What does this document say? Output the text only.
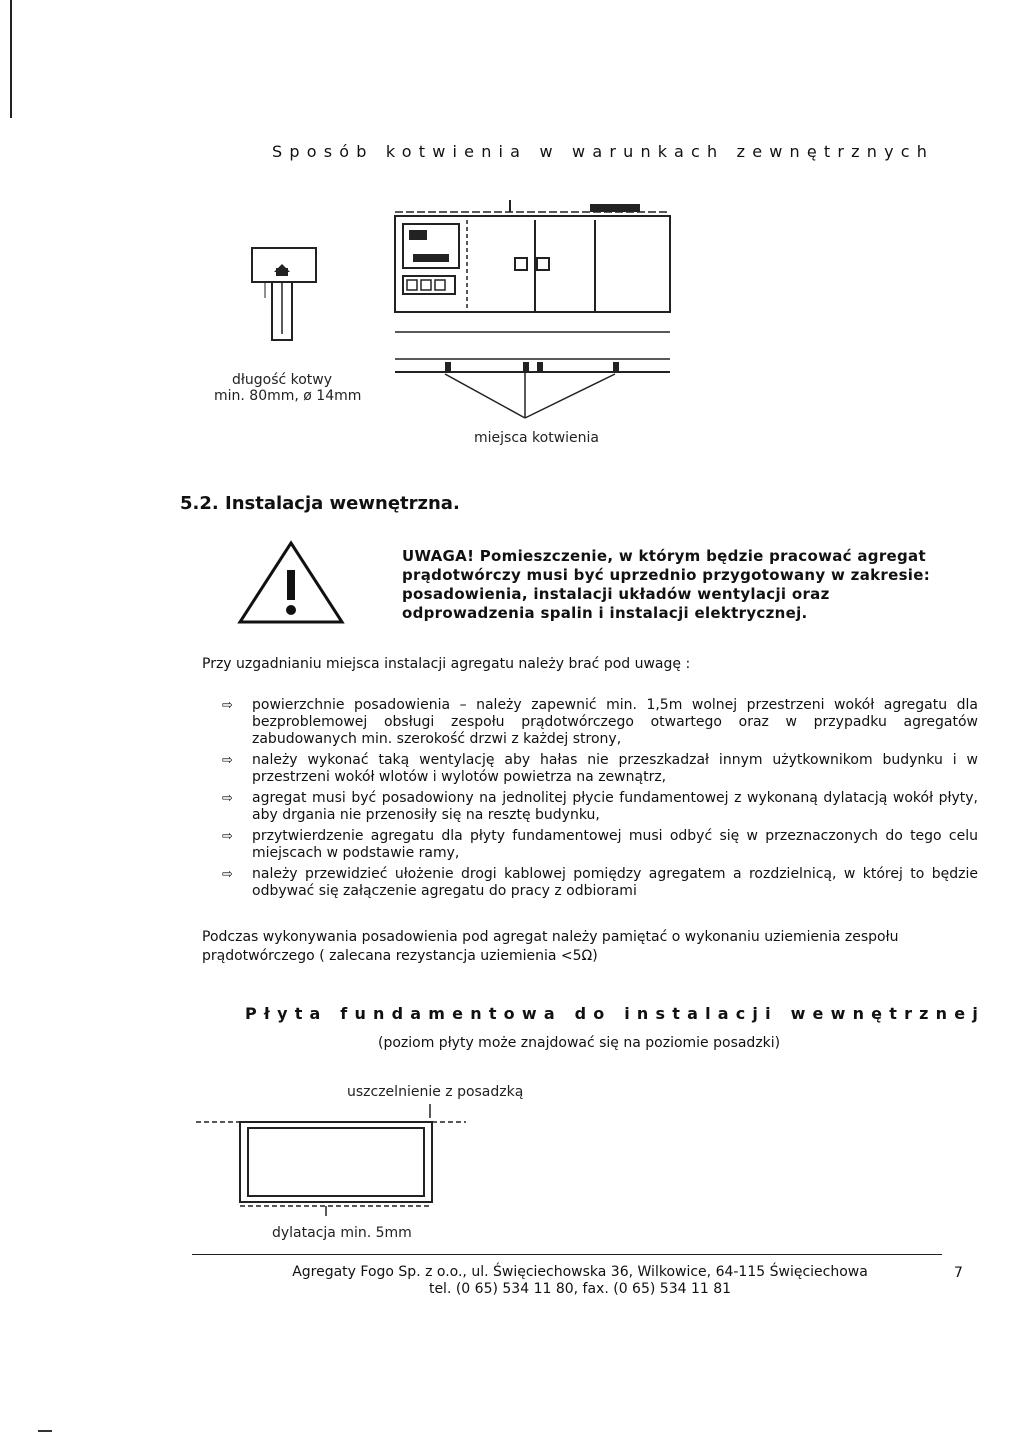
Sposób kotwienia w warunkach zewnętrznych
długość kotwy
min. 80mm, ø 14mm
miejsca kotwienia
5.2. Instalacja wewnętrzna.
UWAGA! Pomieszczenie, w którym będzie pracować agregat prądotwórczy musi być uprzednio przygotowany w zakresie: posadowienia, instalacji układów wentylacji oraz odprowadzenia spalin i instalacji elektrycznej.
Przy uzgadnianiu miejsca instalacji agregatu należy brać pod uwagę :
⇨ powierzchnie posadowienia – należy zapewnić min. 1,5m wolnej przestrzeni wokół agregatu dla bezproblemowej obsługi zespołu prądotwórczego otwartego oraz w przypadku agregatów zabudowanych min. szerokość drzwi z każdej strony,
⇨ należy wykonać taką wentylację aby hałas nie przeszkadzał innym użytkownikom budynku i w przestrzeni wokół wlotów i wylotów powietrza na zewnątrz,
⇨ agregat musi być posadowiony na jednolitej płycie fundamentowej z wykonaną dylatacją wokół płyty, aby drgania nie przenosiły się na resztę budynku,
⇨ przytwierdzenie agregatu dla płyty fundamentowej musi odbyć się w przeznaczonych do tego celu miejscach w podstawie ramy,
⇨ należy przewidzieć ułożenie drogi kablowej pomiędzy agregatem a rozdzielnicą, w której to będzie odbywać się załączenie agregatu do pracy z odbiorami
Podczas wykonywania posadowienia pod agregat należy pamiętać o wykonaniu uziemienia zespołu prądotwórczego ( zalecana rezystancja uziemienia <5Ω)
Płyta fundamentowa do instalacji wewnętrznej
(poziom płyty może znajdować się na poziomie posadzki)
uszczelnienie z posadzką
dylatacja min. 5mm
Agregaty Fogo Sp. z o.o., ul. Święciechowska 36, Wilkowice, 64-115 Święciechowa
tel. (0 65) 534 11 80, fax. (0 65) 534 11 81
7
